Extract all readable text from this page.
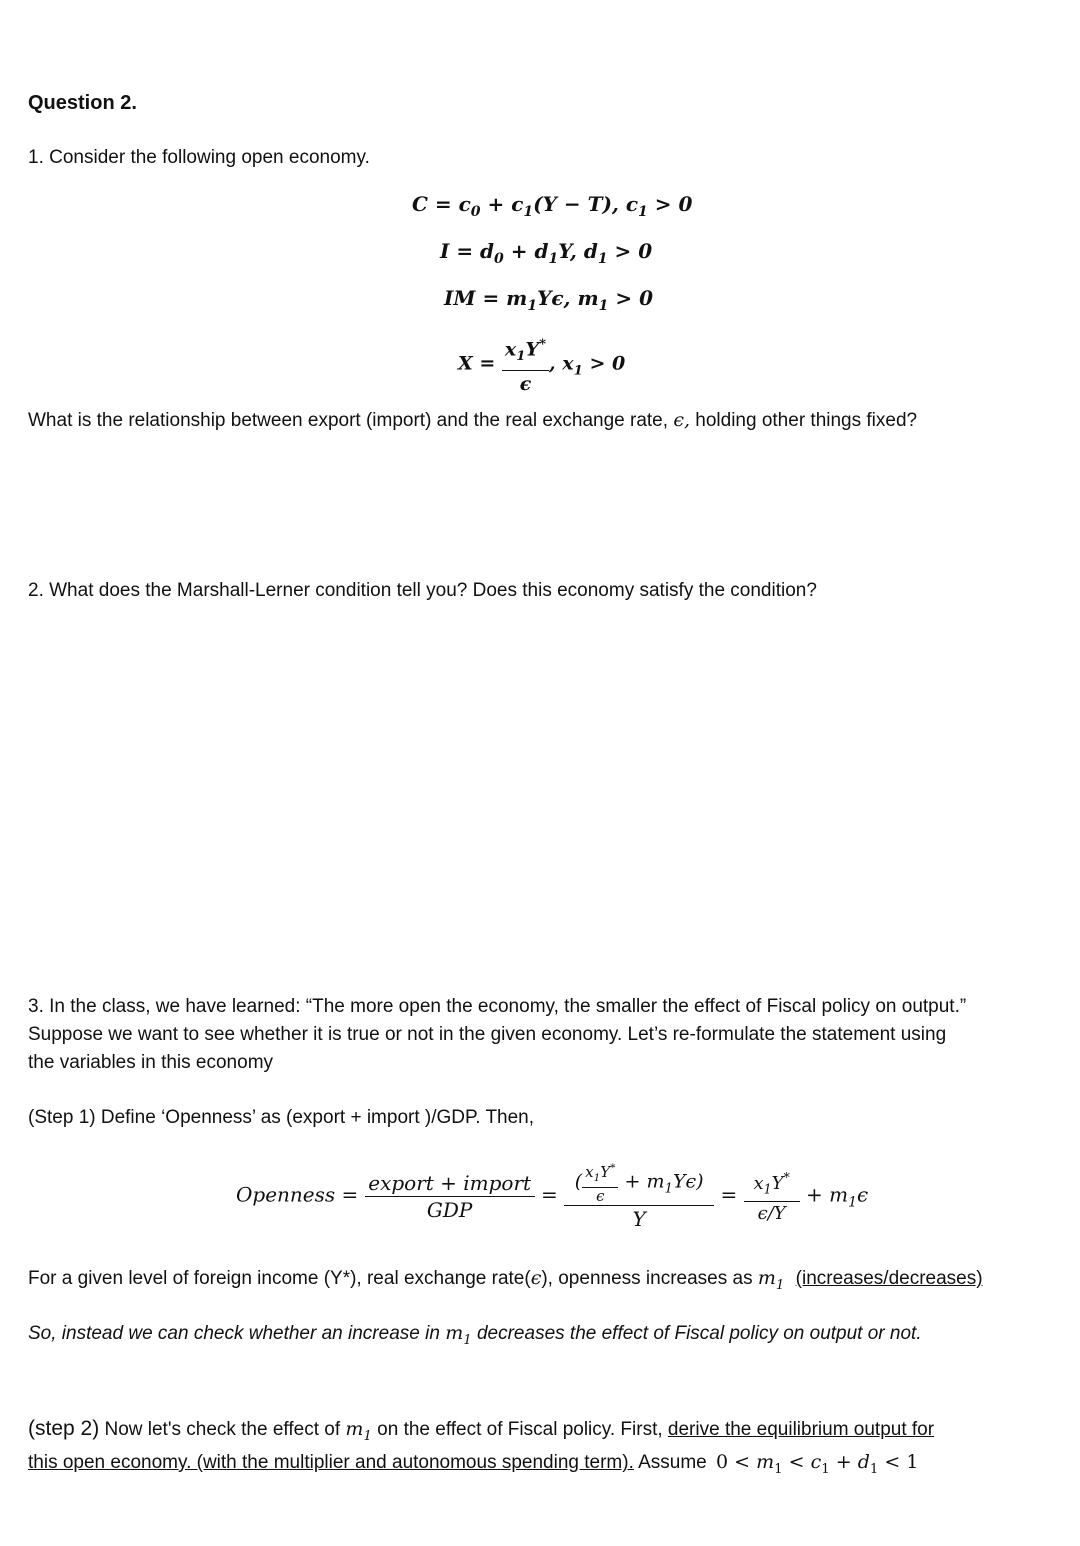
Question 2.
1. Consider the following open economy.
$C = c_0 + c_1(Y - T)$, $c_1 > 0$
$I = d_0 + d_1Y$, $d_1 > 0$
IM = $m_1Y\epsilon$, $m_1 > 0$
$X = \frac{x_1Y^*}{\epsilon}$ , $x_1 > 0$
What is the relationship between export (import) and the real exchange rate, ϵ, holding other things fixed?
2. What does the Marshall-Lerner condition tell you? Does this economy satisfy the condition?
3. In the class, we have learned: “The more open the economy, the smaller the effect of Fiscal policy on output.”
Suppose we want to see whether it is true or not in the given economy. Let’s re-formulate the statement using
the variables in this economy
(Step 1) Define ‘Openness’ as (export + import )/GDP. Then,
Openness = $\frac{\text{export + import}}{\text{GDP}} = \frac{( \frac{x_1Y^*}{\epsilon} + m_1Y\epsilon)}{Y} = \frac{x_1Y^*}{\epsilon/Y} + m_1\epsilon$
For a given level of foreign income (Y*), real exchange rate(ϵ), openness increases as $m_1$ (increases/decreases)
So, instead we can check whether an increase in $m_1$ decreases the effect of Fiscal policy on output or not.
(step 2) Now let's check the effect of $m_1$ on the effect of Fiscal policy. First, derive the equilibrium output for
this open economy. (with the multiplier and autonomous spending term). Assume $0 < m_1 < c_1 + d_1 < 1$
